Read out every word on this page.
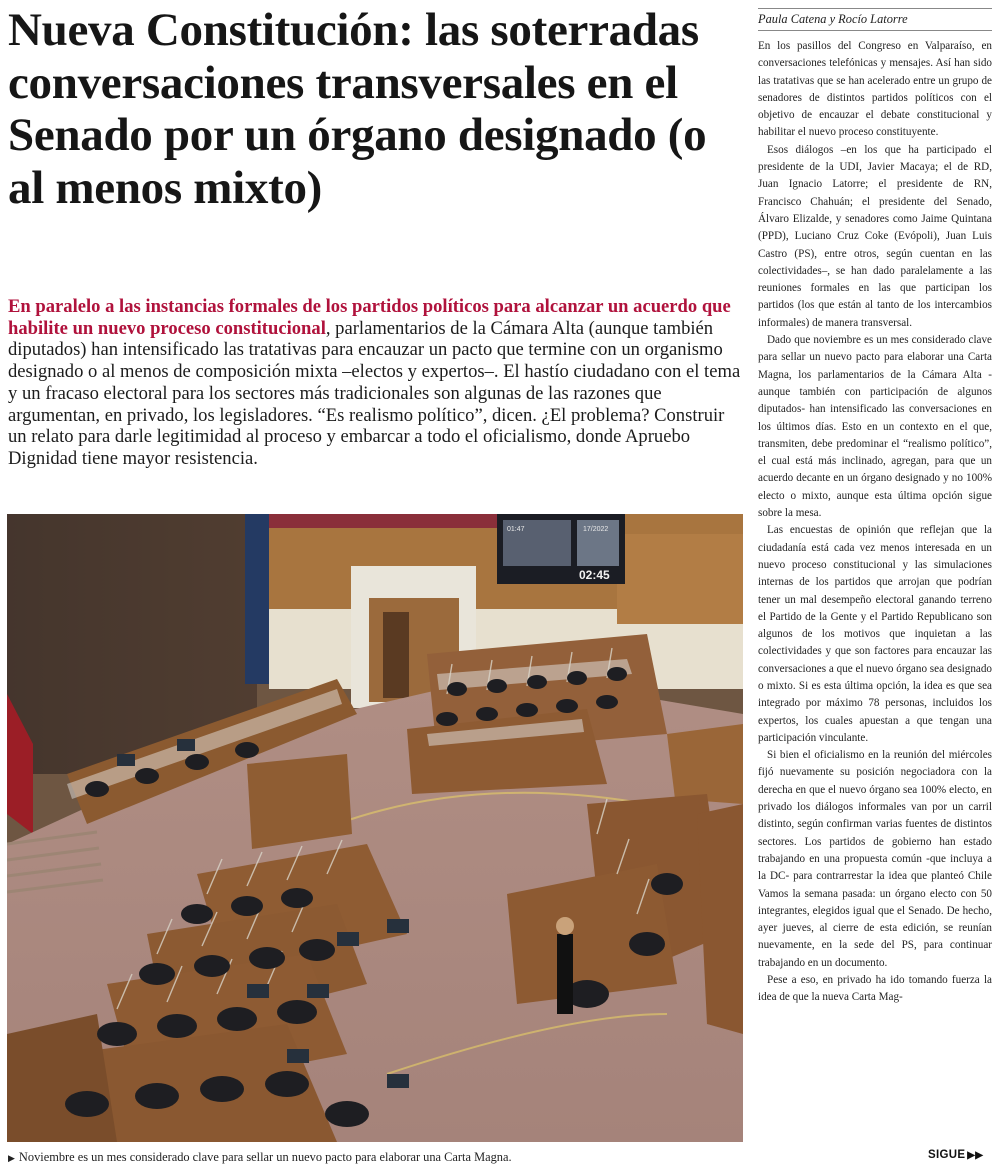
Nueva Constitución: las soterradas conversaciones transversales en el Senado por un órgano designado (o al menos mixto)

En paralelo a las instancias formales de los partidos políticos para alcanzar un acuerdo que habilite un nuevo proceso constitucional, parlamentarios de la Cámara Alta (aunque también diputados) han intensificado las tratativas para encauzar un pacto que termine con un organismo designado o al menos de composición mixta –electos y expertos–. El hastío ciudadano con el tema y un fracaso electoral para los sectores más tradicionales son algunas de las razones que argumentan, en privado, los legisladores. “Es realismo político”, dicen. ¿El problema? Construir un relato para darle legitimidad al proceso y embarcar a todo el oficialismo, donde Apruebo Dignidad tiene mayor resistencia.

01:47	17/2022
02:45

▶ Noviembre es un mes considerado clave para sellar un nuevo pacto para elaborar una Carta Magna.	SIGUE ▶▶

Paula Catena y Rocío Latorre

En los pasillos del Congreso en Valparaíso, en conversaciones telefónicas y mensajes. Así han sido las tratativas que se han acelerado entre un grupo de senadores de distintos partidos políticos con el objetivo de encauzar el debate constitucional y habilitar el nuevo proceso constituyente.

Esos diálogos –en los que ha participado el presidente de la UDI, Javier Macaya; el de RD, Juan Ignacio Latorre; el presidente de RN, Francisco Chahuán; el presidente del Senado, Álvaro Elizalde, y senadores como Jaime Quintana (PPD), Luciano Cruz Coke (Evópoli), Juan Luis Castro (PS), entre otros, según cuentan en las colectividades–, se han dado paralelamente a las reuniones formales en las que participan los partidos (los que están al tanto de los intercambios informales) de manera transversal.

Dado que noviembre es un mes considerado clave para sellar un nuevo pacto para elaborar una Carta Magna, los parlamentarios de la Cámara Alta -aunque también con participación de algunos diputados- han intensificado las conversaciones en los últimos días. Esto en un contexto en el que, transmiten, debe predominar el “realismo político”, el cual está más inclinado, agregan, para que un acuerdo decante en un órgano designado y no 100% electo o mixto, aunque esta última opción sigue sobre la mesa.

Las encuestas de opinión que reflejan que la ciudadanía está cada vez menos interesada en un nuevo proceso constitucional y las simulaciones internas de los partidos que arrojan que podrían tener un mal desempeño electoral ganando terreno el Partido de la Gente y el Partido Republicano son algunos de los motivos que inquietan a las colectividades y que son factores para encauzar las conversaciones a que el nuevo órgano sea designado o mixto. Si es esta última opción, la idea es que sea integrado por máximo 78 personas, incluidos los expertos, los cuales apuestan a que tengan una participación vinculante.

Si bien el oficialismo en la reunión del miércoles fijó nuevamente su posición negociadora con la derecha en que el nuevo órgano sea 100% electo, en privado los diálogos informales van por un carril distinto, según confirman varias fuentes de distintos sectores. Los partidos de gobierno han estado trabajando en una propuesta común -que incluya a la DC- para contrarrestar la idea que planteó Chile Vamos la semana pasada: un órgano electo con 50 integrantes, elegidos igual que el Senado. De hecho, ayer jueves, al cierre de esta edición, se reunían nuevamente, en la sede del PS, para continuar trabajando en un documento.

Pese a eso, en privado ha ido tomando fuerza la idea de que la nueva Carta Mag-
